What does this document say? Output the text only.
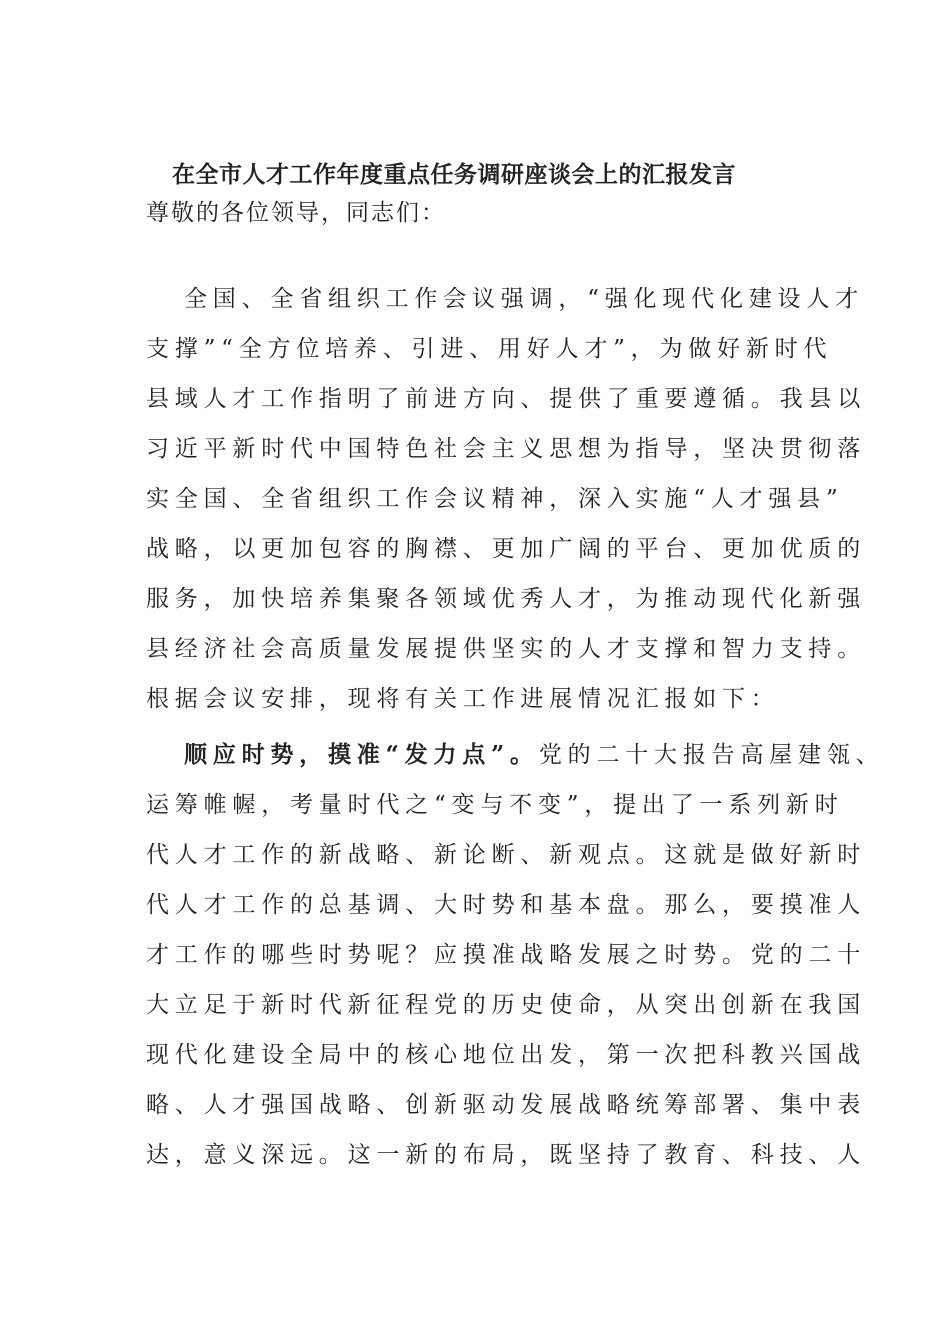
在全市人才工作年度重点任务调研座谈会上的汇报发言
尊敬的各位领导，同志们：
全国、全省组织工作会议强调，“强化现代化建设人才
支撑”“全方位培养、引进、用好人才”，为做好新时代
县域人才工作指明了前进方向、提供了重要遵循。我县以
习近平新时代中国特色社会主义思想为指导，坚决贯彻落
实全国、全省组织工作会议精神，深入实施“人才强县”
战略，以更加包容的胸襟、更加广阔的平台、更加优质的
服务，加快培养集聚各领域优秀人才，为推动现代化新强
县经济社会高质量发展提供坚实的人才支撑和智力支持。
根据会议安排，现将有关工作进展情况汇报如下：
顺应时势，摸准“发力点”。党的二十大报告高屋建瓴、
运筹帷幄，考量时代之“变与不变”，提出了一系列新时
代人才工作的新战略、新论断、新观点。这就是做好新时
代人才工作的总基调、大时势和基本盘。那么，要摸准人
才工作的哪些时势呢？应摸准战略发展之时势。党的二十
大立足于新时代新征程党的历史使命，从突出创新在我国
现代化建设全局中的核心地位出发，第一次把科教兴国战
略、人才强国战略、创新驱动发展战略统筹部署、集中表
达，意义深远。这一新的布局，既坚持了教育、科技、人
